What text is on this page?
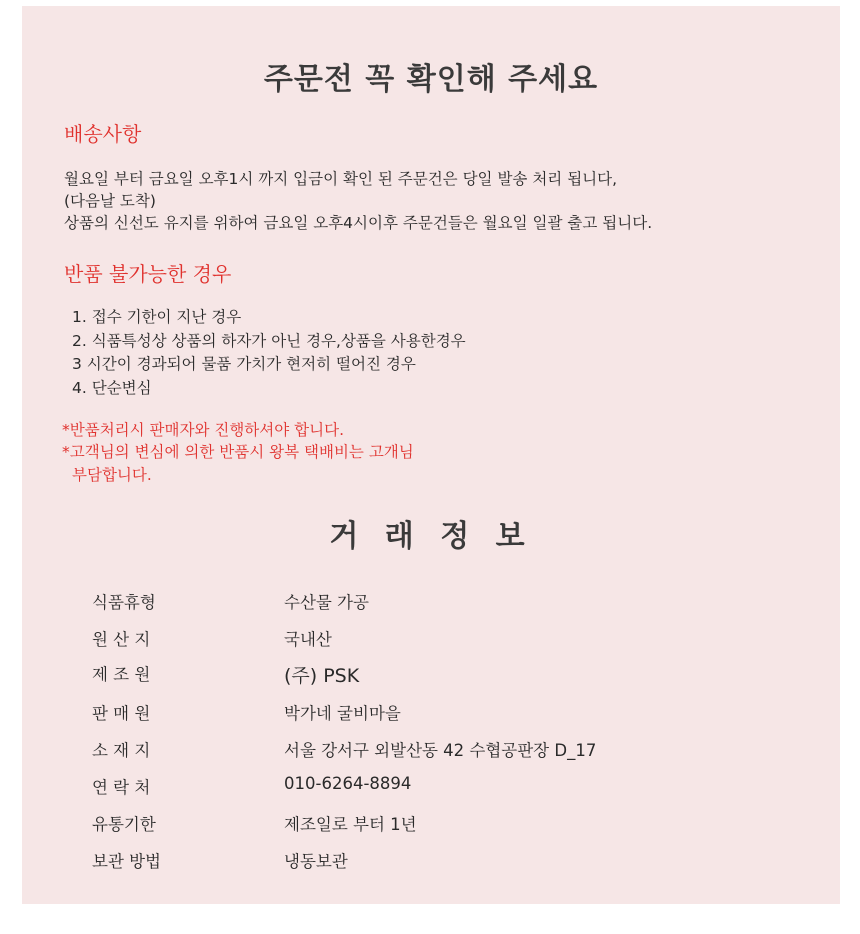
주문전 꼭 확인해 주세요
배송사항
월요일 부터 금요일 오후1시 까지 입금이 확인 된 주문건은 당일 발송 처리 됩니다,
(다음날 도착)
상품의 신선도 유지를 위하여 금요일 오후4시이후 주문건들은 월요일 일괄 출고 됩니다.
반품 불가능한 경우
1. 접수 기한이 지난 경우
2. 식품특성상 상품의 하자가 아닌 경우,상품을 사용한경우
3 시간이 경과되어 물품 가치가 현저히 떨어진 경우
4. 단순변심
*반품처리시 판매자와 진행하셔야 합니다.
*고객님의 변심에 의한 반품시 왕복 택배비는 고개님
부담합니다.
거 래 정 보
식품휴형	수산물 가공
원 산 지	국내산
제 조 원	(주) PSK
판 매 원	박가네 굴비마을
소 재 지	서울 강서구 외발산동 42 수협공판장 D_17
연 락 처	010-6264-8894
유통기한	제조일로 부터 1년
보관 방법	냉동보관
